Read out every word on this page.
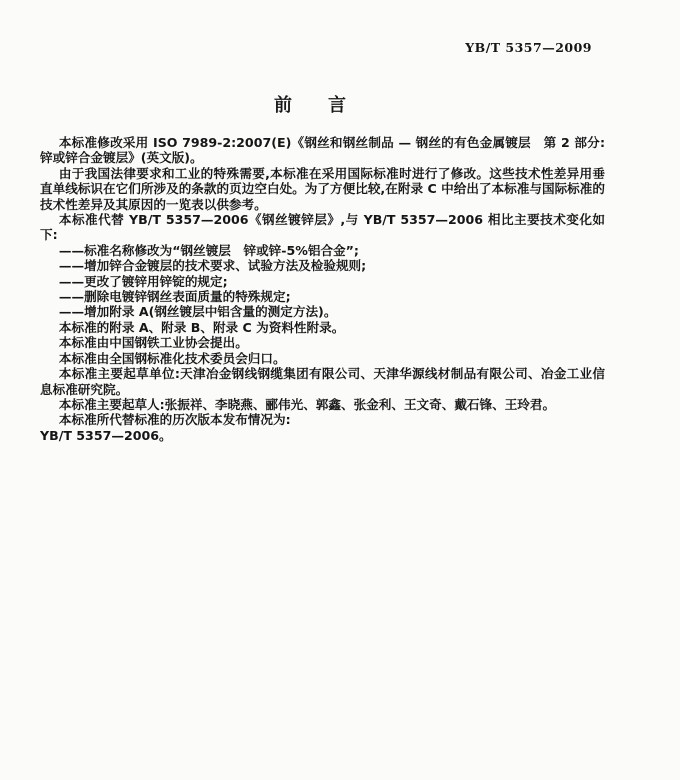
YB/T 5357—2009
前　　言

本标准修改采用 ISO 7989-2:2007(E)《钢丝和钢丝制品 — 钢丝的有色金属镀层　第 2 部分:锌或锌合金镀层》(英文版)。

由于我国法律要求和工业的特殊需要,本标准在采用国际标准时进行了修改。这些技术性差异用垂直单线标识在它们所涉及的条款的页边空白处。为了方便比较,在附录 C 中给出了本标准与国际标准的技术性差异及其原因的一览表以供参考。

本标准代替 YB/T 5357—2006《钢丝镀锌层》,与 YB/T 5357—2006 相比主要技术变化如下:

——标准名称修改为“钢丝镀层　锌或锌-5%铝合金”;

——增加锌合金镀层的技术要求、试验方法及检验规则;

——更改了镀锌用锌锭的规定;

——删除电镀锌钢丝表面质量的特殊规定;

——增加附录 A(钢丝镀层中铝含量的测定方法)。

本标准的附录 A、附录 B、附录 C 为资料性附录。

本标准由中国钢铁工业协会提出。

本标准由全国钢标准化技术委员会归口。

本标准主要起草单位:天津冶金钢线钢缆集团有限公司、天津华源线材制品有限公司、冶金工业信息标准研究院。

本标准主要起草人:张振祥、李晓燕、郦伟光、郭鑫、张金利、王文奇、戴石锋、王玲君。

本标准所代替标准的历次版本发布情况为:

YB/T 5357—2006。
